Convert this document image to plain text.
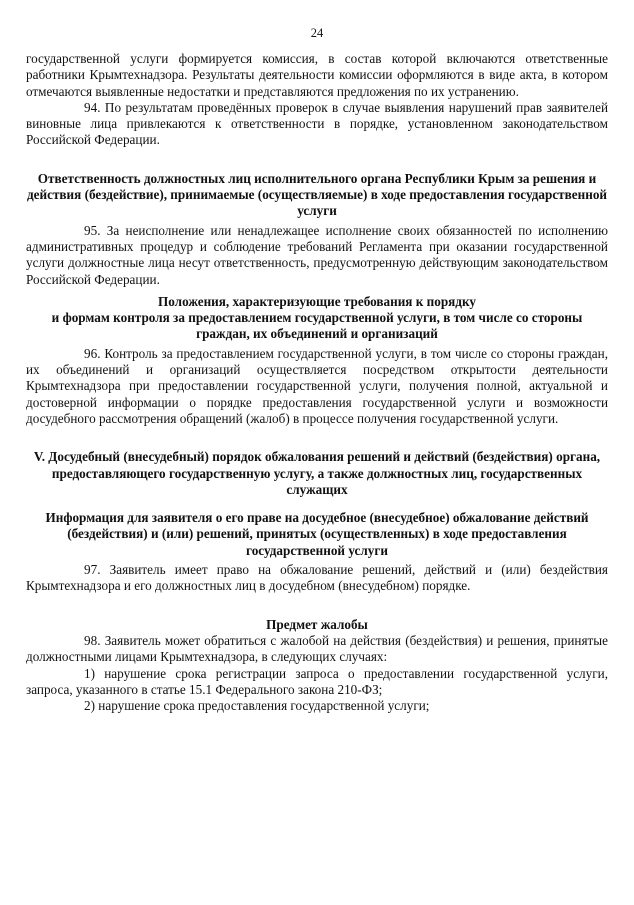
24

государственной услуги формируется комиссия, в состав которой включаются ответственные работники Крымтехнадзора. Результаты деятельности комиссии оформляются в виде акта, в котором отмечаются выявленные недостатки и представляются предложения по их устранению.

94. По результатам проведённых проверок в случае выявления нарушений прав заявителей виновные лица привлекаются к ответственности в порядке, установленном законодательством Российской Федерации.

Ответственность должностных лиц исполнительного органа Республики Крым за решения и действия (бездействие), принимаемые (осуществляемые) в ходе предоставления государственной услуги

95. За неисполнение или ненадлежащее исполнение своих обязанностей по исполнению административных процедур и соблюдение требований Регламента при оказании государственной услуги должностные лица несут ответственность, предусмотренную действующим законодательством Российской Федерации.

Положения, характеризующие требования к порядку

и формам контроля за предоставлением государственной услуги, в том числе со стороны граждан, их объединений и организаций

96. Контроль за предоставлением государственной услуги, в том числе со стороны граждан, их объединений и организаций осуществляется посредством открытости деятельности Крымтехнадзора при предоставлении государственной услуги, получения полной, актуальной и достоверной информации о порядке предоставления государственной услуги и возможности досудебного рассмотрения обращений (жалоб) в процессе получения государственной услуги.

V. Досудебный (внесудебный) порядок обжалования решений и действий (бездействия) органа, предоставляющего государственную услугу, а также должностных лиц, государственных служащих

Информация для заявителя о его праве на досудебное (внесудебное) обжалование действий (бездействия) и (или) решений, принятых (осуществленных) в ходе предоставления государственной услуги

97. Заявитель имеет право на обжалование решений, действий и (или) бездействия Крымтехнадзора и его должностных лиц в досудебном (внесудебном) порядке.

Предмет жалобы

98. Заявитель может обратиться с жалобой на действия (бездействия) и решения, принятые должностными лицами Крымтехнадзора, в следующих случаях:

1) нарушение срока регистрации запроса о предоставлении государственной услуги, запроса, указанного в статье 15.1 Федерального закона 210-ФЗ;

2) нарушение срока предоставления государственной услуги;
